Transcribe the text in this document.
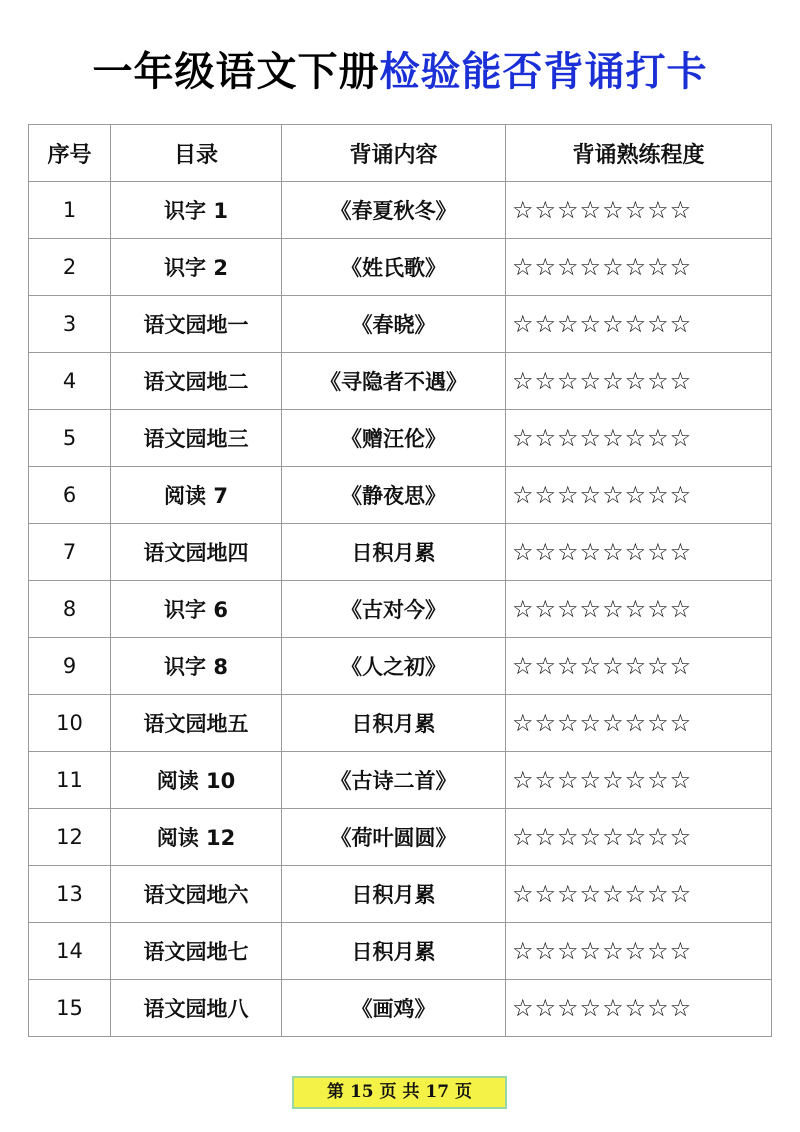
一年级语文下册检验能否背诵打卡
序号	目录	背诵内容	背诵熟练程度
1	识字 1	《春夏秋冬》	☆☆☆☆☆☆☆☆
2	识字 2	《姓氏歌》	☆☆☆☆☆☆☆☆
3	语文园地一	《春晓》	☆☆☆☆☆☆☆☆
4	语文园地二	《寻隐者不遇》	☆☆☆☆☆☆☆☆
5	语文园地三	《赠汪伦》	☆☆☆☆☆☆☆☆
6	阅读 7	《静夜思》	☆☆☆☆☆☆☆☆
7	语文园地四	日积月累	☆☆☆☆☆☆☆☆
8	识字 6	《古对今》	☆☆☆☆☆☆☆☆
9	识字 8	《人之初》	☆☆☆☆☆☆☆☆
10	语文园地五	日积月累	☆☆☆☆☆☆☆☆
11	阅读 10	《古诗二首》	☆☆☆☆☆☆☆☆
12	阅读 12	《荷叶圆圆》	☆☆☆☆☆☆☆☆
13	语文园地六	日积月累	☆☆☆☆☆☆☆☆
14	语文园地七	日积月累	☆☆☆☆☆☆☆☆
15	语文园地八	《画鸡》	☆☆☆☆☆☆☆☆
第 15 页 共 17 页
